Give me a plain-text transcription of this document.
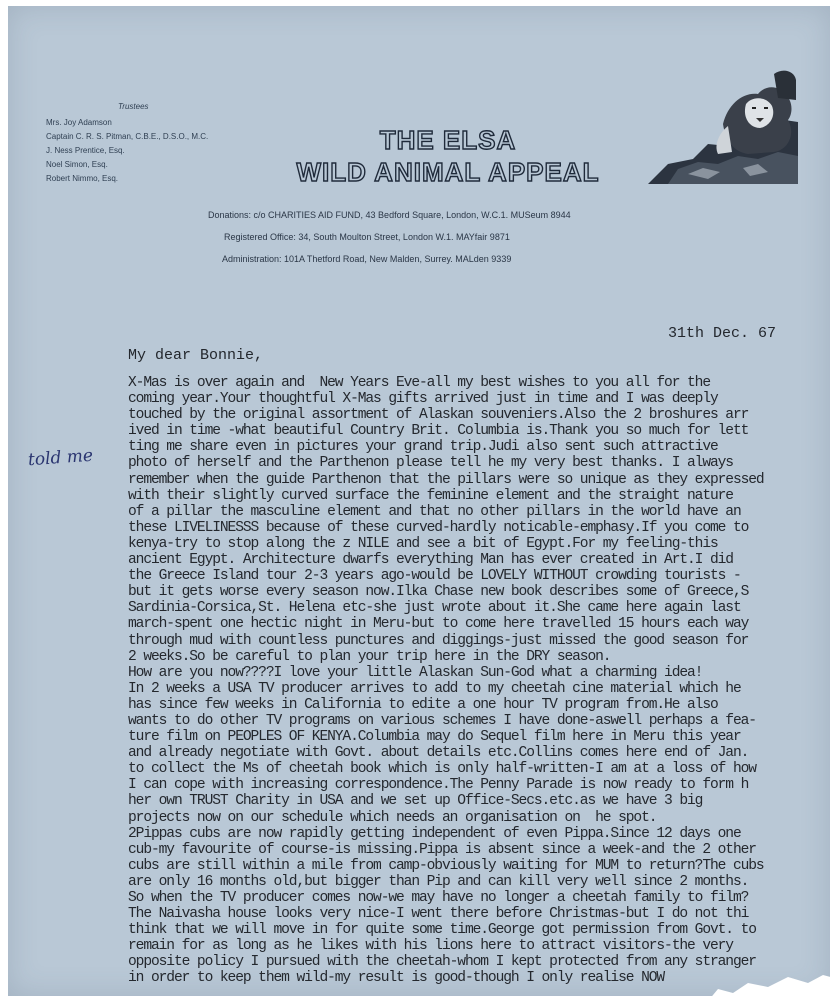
Trustees
Mrs. Joy Adamson
Captain C. R. S. Pitman, C.B.E., D.S.O., M.C.
J. Ness Prentice, Esq.
Noel Simon, Esq.
Robert Nimmo, Esq.
THE ELSA
WILD ANIMAL APPEAL
Donations: c/o CHARITIES AID FUND, 43 Bedford Square, London, W.C.1. MUSeum 8944
Registered Office: 34, South Moulton Street, London W.1. MAYfair 9871
Administration: 101A Thetford Road, New Malden, Surrey. MALden 9339
31th Dec. 67
My dear Bonnie,
told me
X-Mas is over again and  New Years Eve-all my best wishes to you all for the
coming year.Your thoughtful X-Mas gifts arrived just in time and I was deeply
touched by the original assortment of Alaskan souveniers.Also the 2 broshures arr
ived in time -what beautiful Country Brit. Columbia is.Thank you so much for lett
ting me share even in pictures your grand trip.Judi also sent such attractive
photo of herself and the Parthenon please tell he my very best thanks. I always
remember when the guide Parthenon that the pillars were so unique as they expressed
with their slightly curved surface the feminine element and the straight nature
of a pillar the masculine element and that no other pillars in the world have an
these LIVELINESSS because of these curved-hardly noticable-emphasy.If you come to
kenya-try to stop along the z NILE and see a bit of Egypt.For my feeling-this
ancient Egypt. Architecture dwarfs everything Man has ever created in Art.I did
the Greece Island tour 2-3 years ago-would be LOVELY WITHOUT crowding tourists -
but it gets worse every season now.Ilka Chase new book describes some of Greece,S
Sardinia-Corsica,St. Helena etc-she just wrote about it.She came here again last
march-spent one hectic night in Meru-but to come here travelled 15 hours each way
through mud with countless punctures and diggings-just missed the good season for
2 weeks.So be careful to plan your trip here in the DRY season.
How are you now????I love your little Alaskan Sun-God what a charming idea!
In 2 weeks a USA TV producer arrives to add to my cheetah cine material which he
has since few weeks in California to edite a one hour TV program from.He also
wants to do other TV programs on various schemes I have done-aswell perhaps a fea-
ture film on PEOPLES OF KENYA.Columbia may do Sequel film here in Meru this year
and already negotiate with Govt. about details etc.Collins comes here end of Jan.
to collect the Ms of cheetah book which is only half-written-I am at a loss of how
I can cope with increasing correspondence.The Penny Parade is now ready to form h
her own TRUST Charity in USA and we set up Office-Secs.etc.as we have 3 big
projects now on our schedule which needs an organisation on  he spot.
2Pippas cubs are now rapidly getting independent of even Pippa.Since 12 days one
cub-my favourite of course-is missing.Pippa is absent since a week-and the 2 other
cubs are still within a mile from camp-obviously waiting for MUM to return?The cubs
are only 16 months old,but bigger than Pip and can kill very well since 2 months.
So when the TV producer comes now-we may have no longer a cheetah family to film?
The Naivasha house looks very nice-I went there before Christmas-but I do not thi
think that we will move in for quite some time.George got permission from Govt. to
remain for as long as he likes with his lions here to attract visitors-the very
opposite policy I pursued with the cheetah-whom I kept protected from any stranger
in order to keep them wild-my result is good-though I only realise NOW
